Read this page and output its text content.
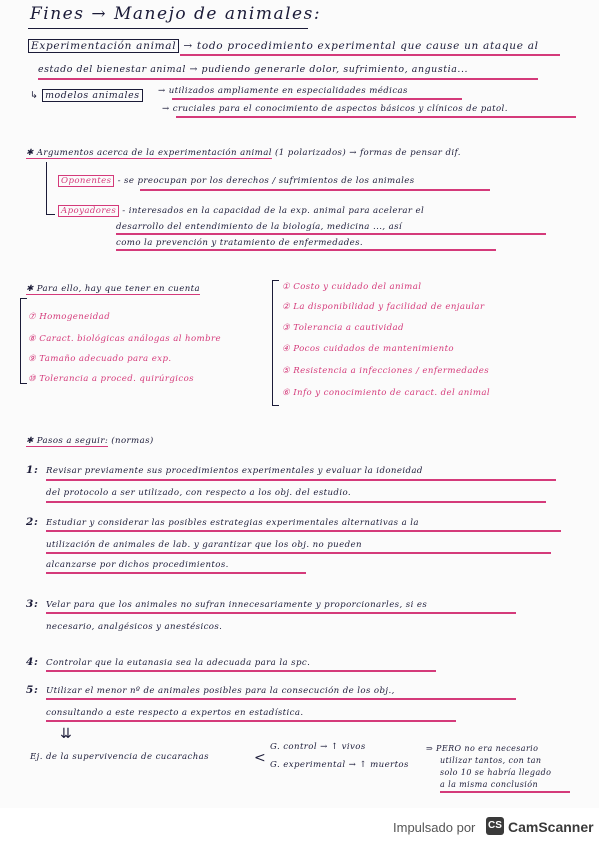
Fines → Manejo de animales:
Experimentación animal → todo procedimiento experimental que cause un ataque al
estado del bienestar animal → pudiendo generarle dolor, sufrimiento, angustia...
↳ modelos animales	→ utilizados ampliamente en especialidades médicas
→ cruciales para el conocimiento de aspectos básicos y clínicos de patol.
✱ Argumentos acerca de la experimentación animal (1 polarizados) → formas de pensar dif.
Oponentes - se preocupan por los derechos / sufrimientos de los animales
Apoyadores - interesados en la capacidad de la exp. animal para acelerar el
desarrollo del entendimiento de la biología, medicina ..., así
como la prevención y tratamiento de enfermedades.
✱ Para ello, hay que tener en cuenta
⑦ Homogeneidad
⑧ Caract. biológicas análogas al hombre
⑨ Tamaño adecuado para exp.
⑩ Tolerancia a proced. quirúrgicos
① Costo y cuidado del animal
② La disponibilidad y facilidad de enjaular
③ Tolerancia a cautividad
④ Pocos cuidados de mantenimiento
⑤ Resistencia a infecciones / enfermedades
⑥ Info y conocimiento de caract. del animal
✱ Pasos a seguir: (normas)
1: Revisar previamente sus procedimientos experimentales y evaluar la idoneidad
del protocolo a ser utilizado, con respecto a los obj. del estudio.
2: Estudiar y considerar las posibles estrategias experimentales alternativas a la
utilización de animales de lab. y garantizar que los obj. no pueden
alcanzarse por dichos procedimientos.
3: Velar para que los animales no sufran innecesariamente y proporcionarles, si es
necesario, analgésicos y anestésicos.
4: Controlar que la eutanasia sea la adecuada para la spc.
5: Utilizar el menor nº de animales posibles para la consecución de los obj.,
consultando a este respecto a expertos en estadística.
⇊
Ej. de la supervivencia de cucarachas	<
G. control → ↑ vivos
G. experimental → ↑ muertos
⇒ PERO no era necesario
utilizar tantos, con tan
solo 10 se habría llegado
a la misma conclusión
Impulsado por CS CamScanner
